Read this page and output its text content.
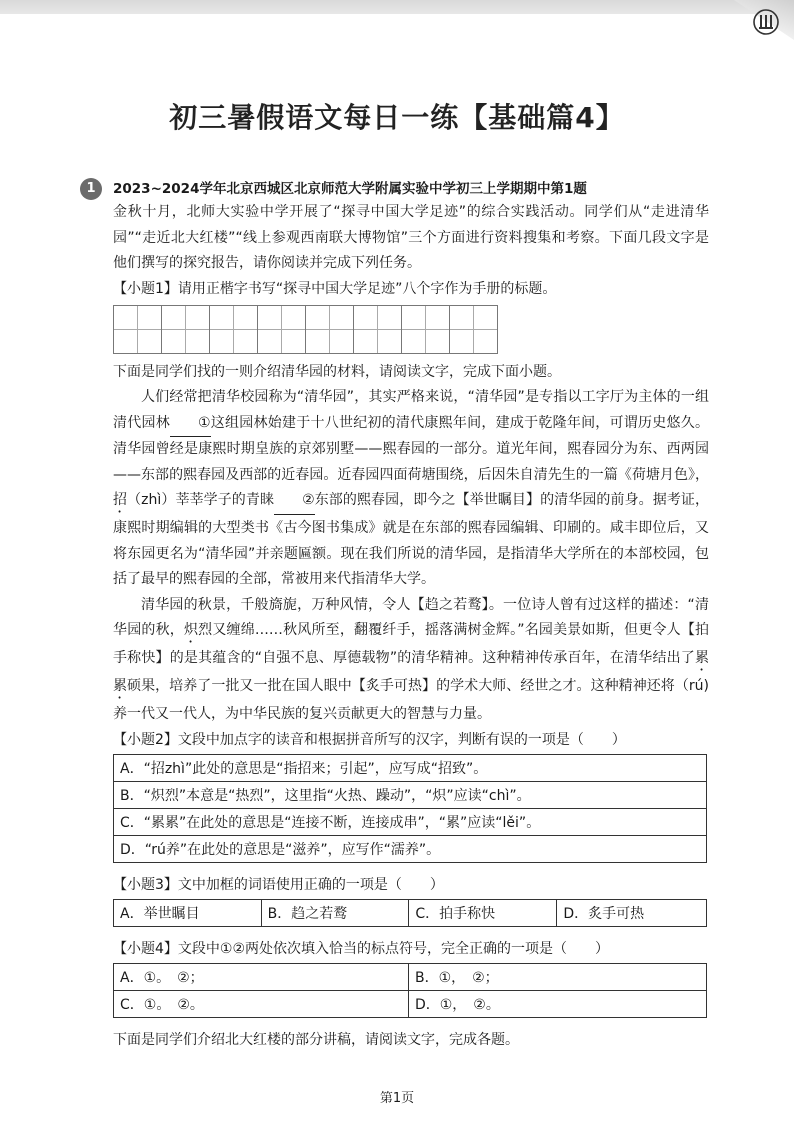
初三暑假语文每日一练【基础篇4】
1	2023~2024学年北京西城区北京师范大学附属实验中学初三上学期期中第1题

金秋十月，北师大实验中学开展了“探寻中国大学足迹”的综合实践活动。同学们从“走进清华园”“走近北大红楼”“线上参观西南联大博物馆”三个方面进行资料搜集和考察。下面几段文字是他们撰写的探究报告，请你阅读并完成下列任务。

【小题1】请用正楷字书写“探寻中国大学足迹”八个字作为手册的标题。

下面是同学们找的一则介绍清华园的材料，请阅读文字，完成下面小题。

人们经常把清华校园称为“清华园”，其实严格来说，“清华园”是专指以工字厅为主体的一组清代园林 ①这组园林始建于十八世纪初的清代康熙年间，建成于乾隆年间，可谓历史悠久。清华园曾经是康熙时期皇族的京郊别墅——熙春园的一部分。道光年间，熙春园分为东、西两园——东部的熙春园及西部的近春园。近春园四面荷塘围绕，后因朱自清先生的一篇《荷塘月色》，招（zhì）莘莘学子的青睐 ②东部的熙春园，即今之【举世瞩目】的清华园的前身。据考证，康熙时期编辑的大型类书《古今图书集成》就是在东部的熙春园编辑、印刷的。咸丰即位后，又将东园更名为“清华园”并亲题匾额。现在我们所说的清华园，是指清华大学所在的本部校园，包括了最早的熙春园的全部，常被用来代指清华大学。

清华园的秋景，千般旖旎，万种风情，令人【趋之若鹜】。一位诗人曾有过这样的描述：“清华园的秋，炽烈又缠绵……秋风所至，翻覆纤手，摇落满树金辉。”名园美景如斯，但更令人【拍手称快】的是其蕴含的“自强不息、厚德载物”的清华精神。这种精神传承百年，在清华结出了累累硕果，培养了一批又一批在国人眼中【炙手可热】的学术大师、经世之才。这种精神还将（rú)养一代又一代人，为中华民族的复兴贡献更大的智慧与力量。

【小题2】文段中加点字的读音和根据拼音所写的汉字，判断有误的一项是（　　）

A．“招zhì”此处的意思是“指招来；引起”，应写成“招致”。
B．“炽烈”本意是“热烈”，这里指“火热、躁动”，“炽”应读“chì”。
C．“累累”在此处的意思是“连接不断，连接成串”，“累”应读“lěi”。
D．“rú养”在此处的意思是“滋养”，应写作“濡养”。

【小题3】文中加框的词语使用正确的一项是（　　）

A．举世瞩目	B．趋之若鹜	C．拍手称快	D．炙手可热

【小题4】文段中①②两处依次填入恰当的标点符号，完全正确的一项是（　　）

A．①。　②；	B．①，　②；
C．①。　②。	D．①，　②。

下面是同学们介绍北大红楼的部分讲稿，请阅读文字，完成各题。

第1页
